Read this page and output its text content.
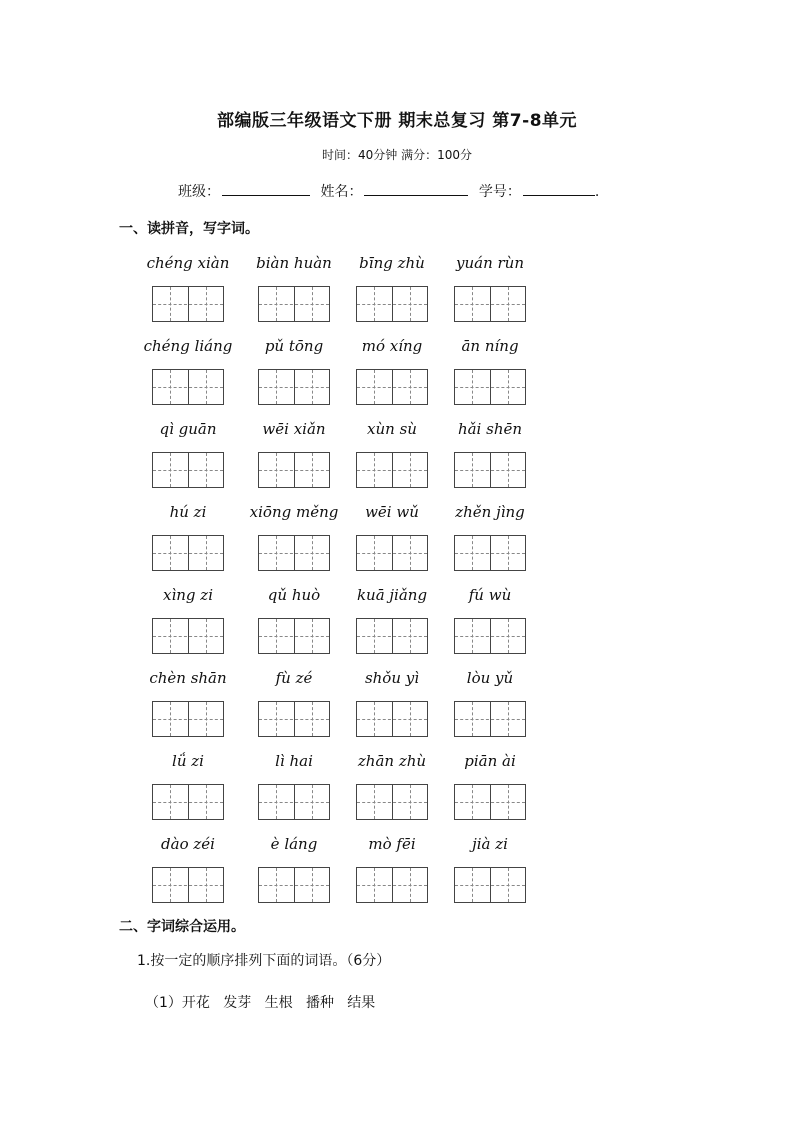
部编版三年级语文下册 期末总复习 第7-8单元
时间：40分钟 满分：100分
班级：	姓名：	学号：	.
一、读拼音，写字词。
chéng xiàn	biàn huàn	bīng zhù	yuán rùn
chéng liáng	pǔ tōng	mó xíng	ān níng
qì guān	wēi xiǎn	xùn sù	hǎi shēn
hú zi	xiōng měng	wēi wǔ	zhěn jìng
xìng zi	qǔ huò	kuā jiǎng	fú wù
chèn shān	fù zé	shǒu yì	lòu yǔ
lǘ zi	lì hai	zhān zhù	piān ài
dào zéi	è láng	mò fēi	jià zi
二、字词综合运用。
1.按一定的顺序排列下面的词语。（6分）
（1）开花   发芽   生根   播种   结果
